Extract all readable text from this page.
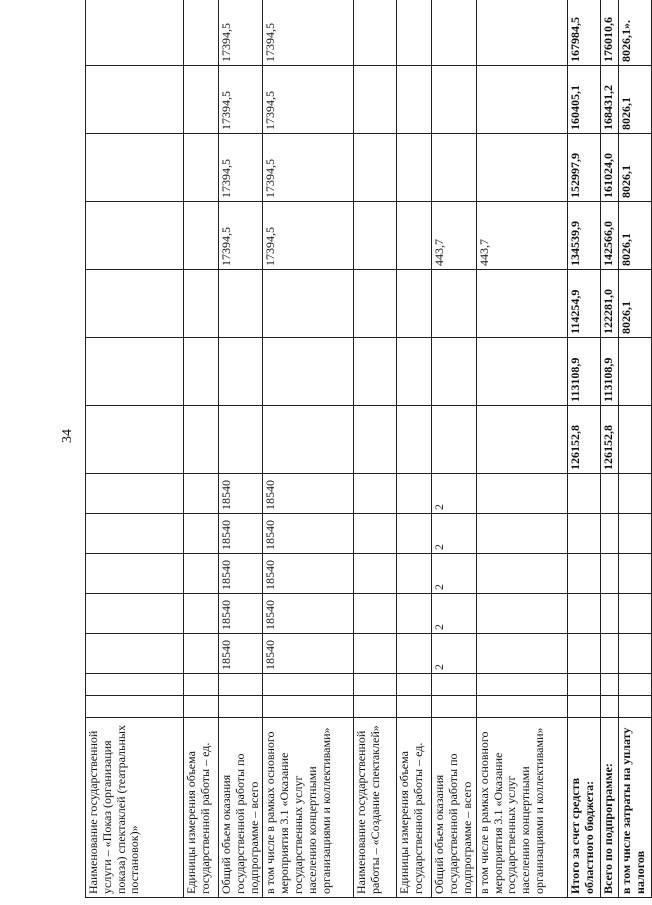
34
Наименование государственной услуги – «Показ (организация показа) спектаклей (театральных постановок)»														
Единицы измерения объема государственной работы – ед.														
Общий объем оказания государственной работы по подпрограмме – всего			18540	18540	18540	18540	18540				17394,5	17394,5	17394,5	17394,5
в том числе в рамках основного мероприятия 3.1 «Оказание государственных услуг населению концертными организациями и коллективами»			18540	18540	18540	18540	18540				17394,5	17394,5	17394,5	17394,5
Наименование государственной работы – «Создание спектаклей»														
Единицы измерения объема государственной работы – ед.														
Общий объем оказания государственной работы по подпрограмме – всего			2	2	2	2	2				443,7			
в том числе в рамках основного мероприятия 3.1 «Оказание государственных услуг населению концертными организациями и коллективами»											443,7			
Итого за счет средств областного бюджета:								126152,8	113108,9	114254,9	134539,9	152997,9	160405,1	167984,5
Всего по подпрограмме:								126152,8	113108,9	122281,0	142566,0	161024,0	168431,2	176010,6
в том числе затраты на уплату налогов										8026,1	8026,1	8026,1	8026,1	8026,1».
